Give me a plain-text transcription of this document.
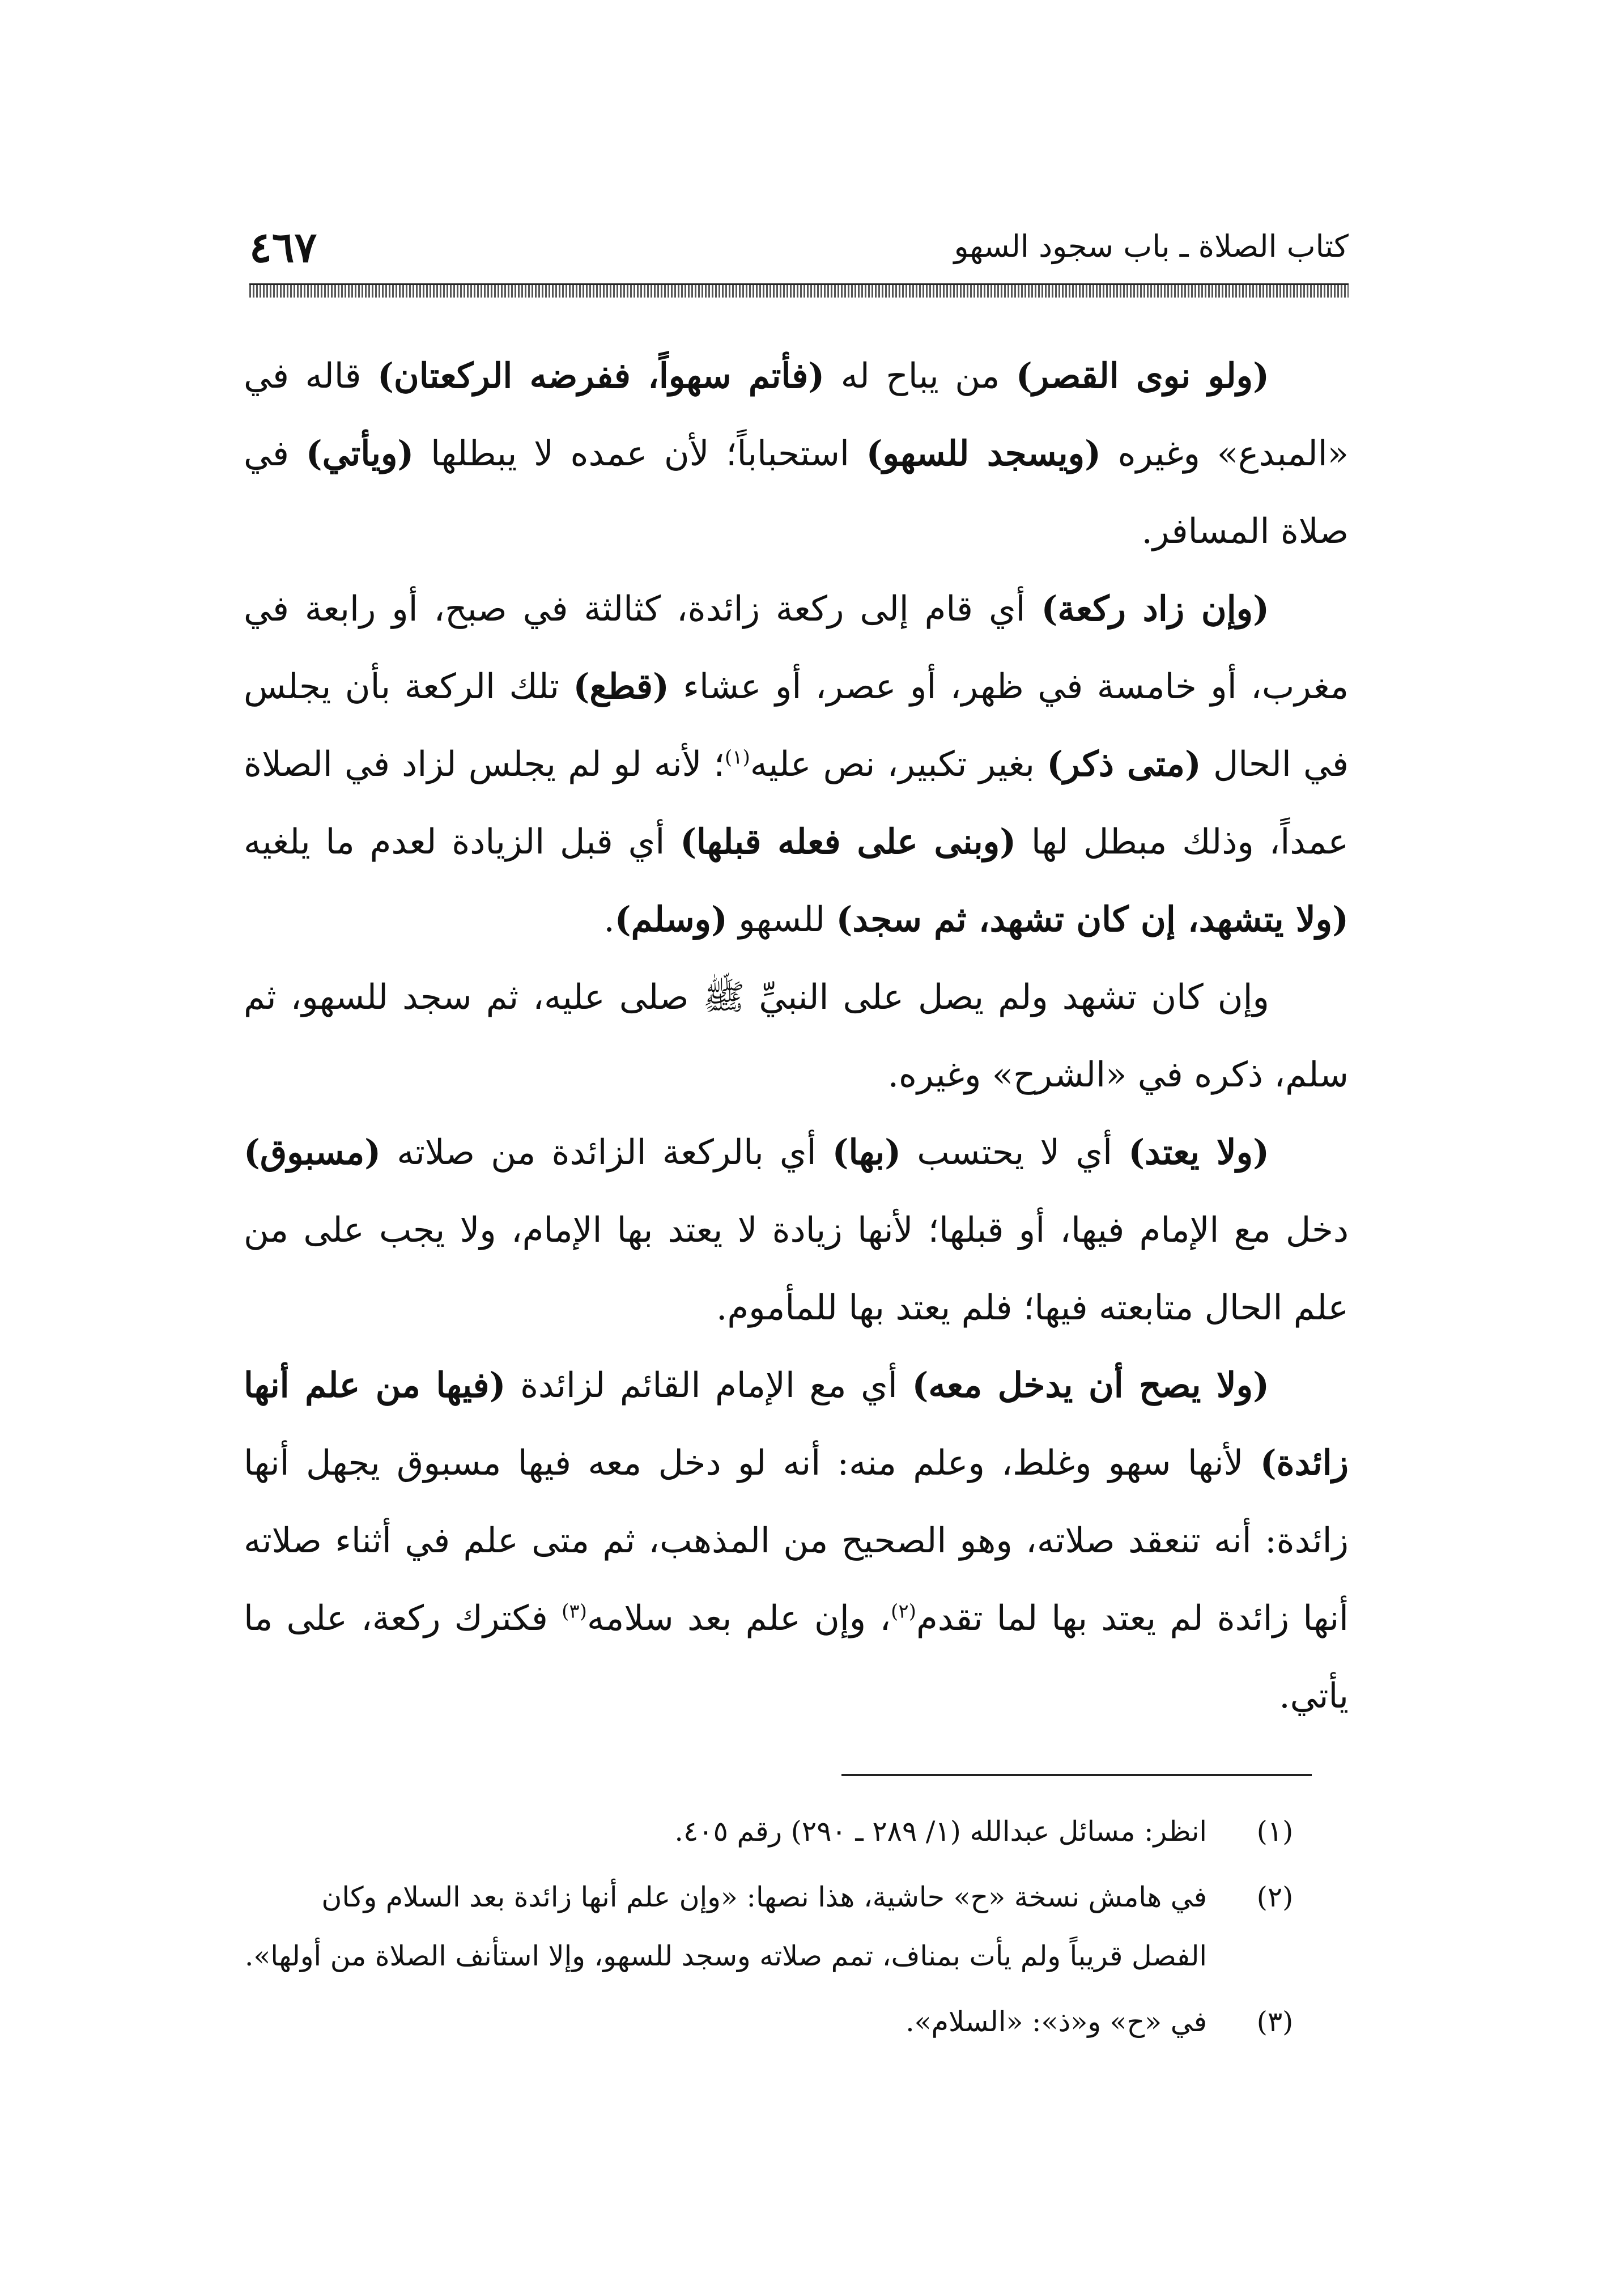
كتاب الصلاة ـ باب سجود السهو
٤٦٧

(ولو نوى القصر) من يباح له (فأتم سهواً، ففرضه الركعتان) قاله في «المبدع» وغيره (ويسجد للسهو) استحباباً؛ لأن عمده لا يبطلها (ويأتي) في صلاة المسافر.

(وإن زاد ركعة) أي قام إلى ركعة زائدة، كثالثة في صبح، أو رابعة في مغرب، أو خامسة في ظهر، أو عصر، أو عشاء (قطع) تلك الركعة بأن يجلس في الحال (متى ذكر) بغير تكبير، نص عليه$^{(١)}$؛ لأنه لو لم يجلس لزاد في الصلاة عمداً، وذلك مبطل لها (وبنى على فعله قبلها) أي قبل الزيادة لعدم ما يلغيه (ولا يتشهد، إن كان تشهد، ثم سجد) للسهو (وسلم).

وإن كان تشهد ولم يصل على النبيِّ ﷺ صلى عليه، ثم سجد للسهو، ثم سلم، ذكره في «الشرح» وغيره.

(ولا يعتد) أي لا يحتسب (بها) أي بالركعة الزائدة من صلاته (مسبوق) دخل مع الإمام فيها، أو قبلها؛ لأنها زيادة لا يعتد بها الإمام، ولا يجب على من علم الحال متابعته فيها؛ فلم يعتد بها للمأموم.

(ولا يصح أن يدخل معه) أي مع الإمام القائم لزائدة (فيها من علم أنها زائدة) لأنها سهو وغلط، وعلم منه: أنه لو دخل معه فيها مسبوق يجهل أنها زائدة: أنه تنعقد صلاته، وهو الصحيح من المذهب، ثم متى علم في أثناء صلاته أنها زائدة لم يعتد بها لما تقدم$^{(٢)}$، وإن علم بعد سلامه$^{(٣)}$ فكترك ركعة، على ما يأتي.

(١)
انظر: مسائل عبدالله (١/ ٢٨٩ ـ ٢٩٠) رقم ٤٠٥.
(٢)
في هامش نسخة «ح» حاشية، هذا نصها: «وإن علم أنها زائدة بعد السلام وكان الفصل قريباً ولم يأت بمناف، تمم صلاته وسجد للسهو، وإلا استأنف الصلاة من أولها».
(٣)
في «ح» و«ذ»: «السلام».
